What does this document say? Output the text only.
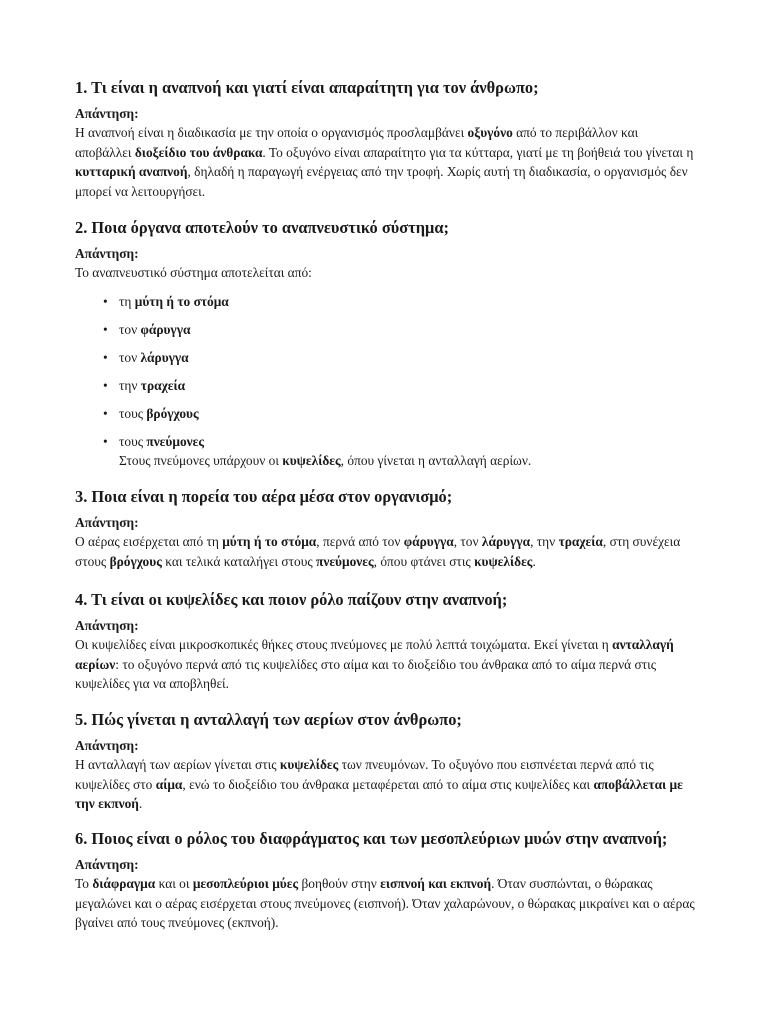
1. Τι είναι η αναπνοή και γιατί είναι απαραίτητη για τον άνθρωπο;
Απάντηση:

Η αναπνοή είναι η διαδικασία με την οποία ο οργανισμός προσλαμβάνει οξυγόνο από το περιβάλλον και αποβάλλει διοξείδιο του άνθρακα. Το οξυγόνο είναι απαραίτητο για τα κύτταρα, γιατί με τη βοήθειά του γίνεται η κυτταρική αναπνοή, δηλαδή η παραγωγή ενέργειας από την τροφή. Χωρίς αυτή τη διαδικασία, ο οργανισμός δεν μπορεί να λειτουργήσει.

2. Ποια όργανα αποτελούν το αναπνευστικό σύστημα;
Απάντηση:

Το αναπνευστικό σύστημα αποτελείται από:

• τη μύτη ή το στόμα
• τον φάρυγγα
• τον λάρυγγα
• την τραχεία
• τους βρόγχους
• τους πνεύμονες
Στους πνεύμονες υπάρχουν οι κυψελίδες, όπου γίνεται η ανταλλαγή αερίων.
3. Ποια είναι η πορεία του αέρα μέσα στον οργανισμό;
Απάντηση:

Ο αέρας εισέρχεται από τη μύτη ή το στόμα, περνά από τον φάρυγγα, τον λάρυγγα, την τραχεία, στη συνέχεια στους βρόγχους και τελικά καταλήγει στους πνεύμονες, όπου φτάνει στις κυψελίδες.

4. Τι είναι οι κυψελίδες και ποιον ρόλο παίζουν στην αναπνοή;
Απάντηση:

Οι κυψελίδες είναι μικροσκοπικές θήκες στους πνεύμονες με πολύ λεπτά τοιχώματα. Εκεί γίνεται η ανταλλαγή αερίων: το οξυγόνο περνά από τις κυψελίδες στο αίμα και το διοξείδιο του άνθρακα από το αίμα περνά στις κυψελίδες για να αποβληθεί.

5. Πώς γίνεται η ανταλλαγή των αερίων στον άνθρωπο;
Απάντηση:

Η ανταλλαγή των αερίων γίνεται στις κυψελίδες των πνευμόνων. Το οξυγόνο που εισπνέεται περνά από τις κυψελίδες στο αίμα, ενώ το διοξείδιο του άνθρακα μεταφέρεται από το αίμα στις κυψελίδες και αποβάλλεται με την εκπνοή.

6. Ποιος είναι ο ρόλος του διαφράγματος και των μεσοπλεύριων μυών στην αναπνοή;
Απάντηση:

Το διάφραγμα και οι μεσοπλεύριοι μύες βοηθούν στην εισπνοή και εκπνοή. Όταν συσπώνται, ο θώρακας μεγαλώνει και ο αέρας εισέρχεται στους πνεύμονες (εισπνοή). Όταν χαλαρώνουν, ο θώρακας μικραίνει και ο αέρας βγαίνει από τους πνεύμονες (εκπνοή).
